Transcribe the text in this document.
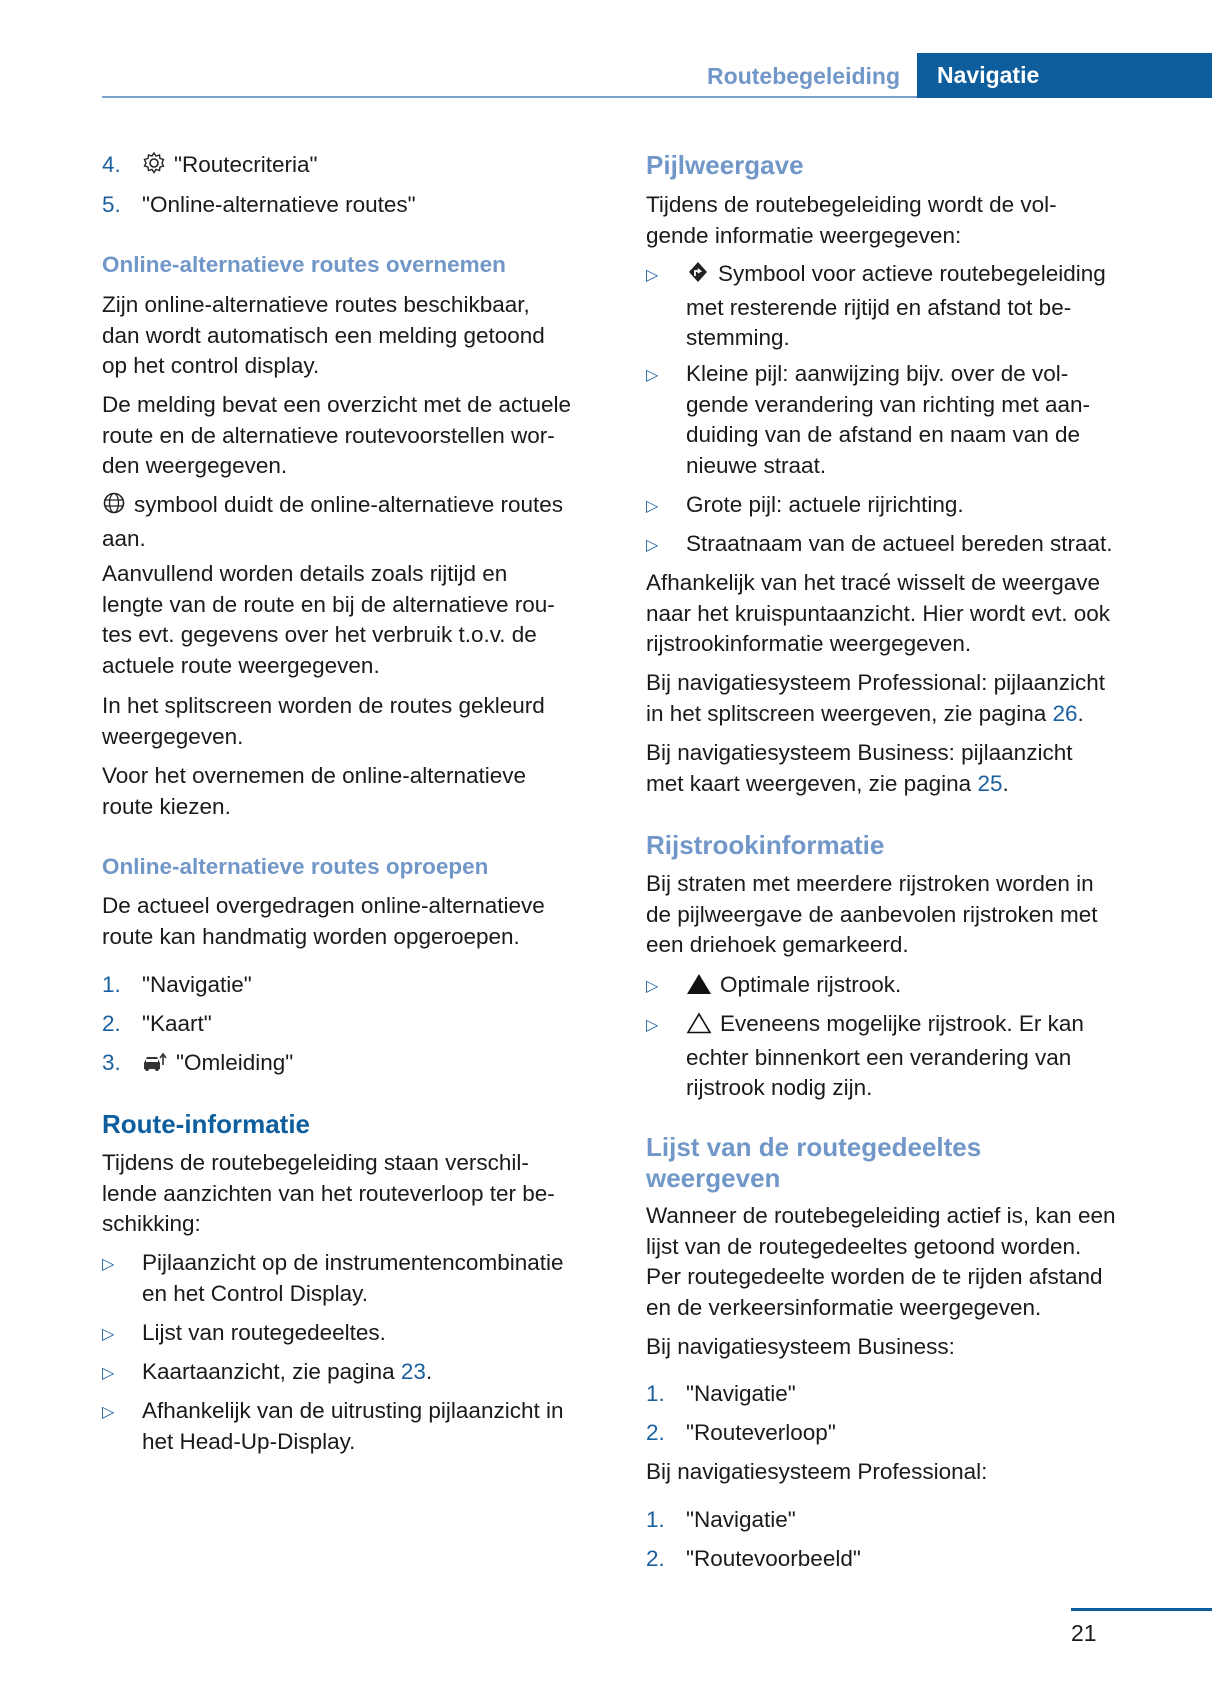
Routebegeleiding	Navigatie
4.	"Routecriteria"
5. "Online-alternatieve routes"
Online-alternatieve routes overnemen
Zijn online-alternatieve routes beschikbaar,
dan wordt automatisch een melding getoond
op het control display.
De melding bevat een overzicht met de actuele
route en de alternatieve routevoorstellen wor-
den weergegeven.
symbool duidt de online-alternatieve routes
aan.
Aanvullend worden details zoals rijtijd en
lengte van de route en bij de alternatieve rou-
tes evt. gegevens over het verbruik t.o.v. de
actuele route weergegeven.
In het splitscreen worden de routes gekleurd
weergegeven.
Voor het overnemen de online-alternatieve
route kiezen.
Online-alternatieve routes oproepen
De actueel overgedragen online-alternatieve
route kan handmatig worden opgeroepen.
1. "Navigatie"
2. "Kaart"
3.	"Omleiding"
Route-informatie
Tijdens de routebegeleiding staan verschil-
lende aanzichten van het routeverloop ter be-
schikking:
▷	Pijlaanzicht op de instrumentencombinatie
en het Control Display.
▷	Lijst van routegedeeltes.
▷	Kaartaanzicht, zie pagina 23.
▷	Afhankelijk van de uitrusting pijlaanzicht in
het Head-Up-Display.
Pijlweergave
Tijdens de routebegeleiding wordt de vol-
gende informatie weergegeven:
▷	Symbool voor actieve routebegeleiding
met resterende rijtijd en afstand tot be-
stemming.
▷	Kleine pijl: aanwijzing bijv. over de vol-
gende verandering van richting met aan-
duiding van de afstand en naam van de
nieuwe straat.
▷	Grote pijl: actuele rijrichting.
▷	Straatnaam van de actueel bereden straat.
Afhankelijk van het tracé wisselt de weergave
naar het kruispuntaanzicht. Hier wordt evt. ook
rijstrookinformatie weergegeven.
Bij navigatiesysteem Professional: pijlaanzicht
in het splitscreen weergeven, zie pagina 26.
Bij navigatiesysteem Business: pijlaanzicht
met kaart weergeven, zie pagina 25.
Rijstrookinformatie
Bij straten met meerdere rijstroken worden in
de pijlweergave de aanbevolen rijstroken met
een driehoek gemarkeerd.
▷	Optimale rijstrook.
▷	Eveneens mogelijke rijstrook. Er kan
echter binnenkort een verandering van
rijstrook nodig zijn.
Lijst van de routegedeeltes
weergeven
Wanneer de routebegeleiding actief is, kan een
lijst van de routegedeeltes getoond worden.
Per routegedeelte worden de te rijden afstand
en de verkeersinformatie weergegeven.
Bij navigatiesysteem Business:
1. "Navigatie"
2. "Routeverloop"
Bij navigatiesysteem Professional:
1. "Navigatie"
2. "Routevoorbeeld"
21
